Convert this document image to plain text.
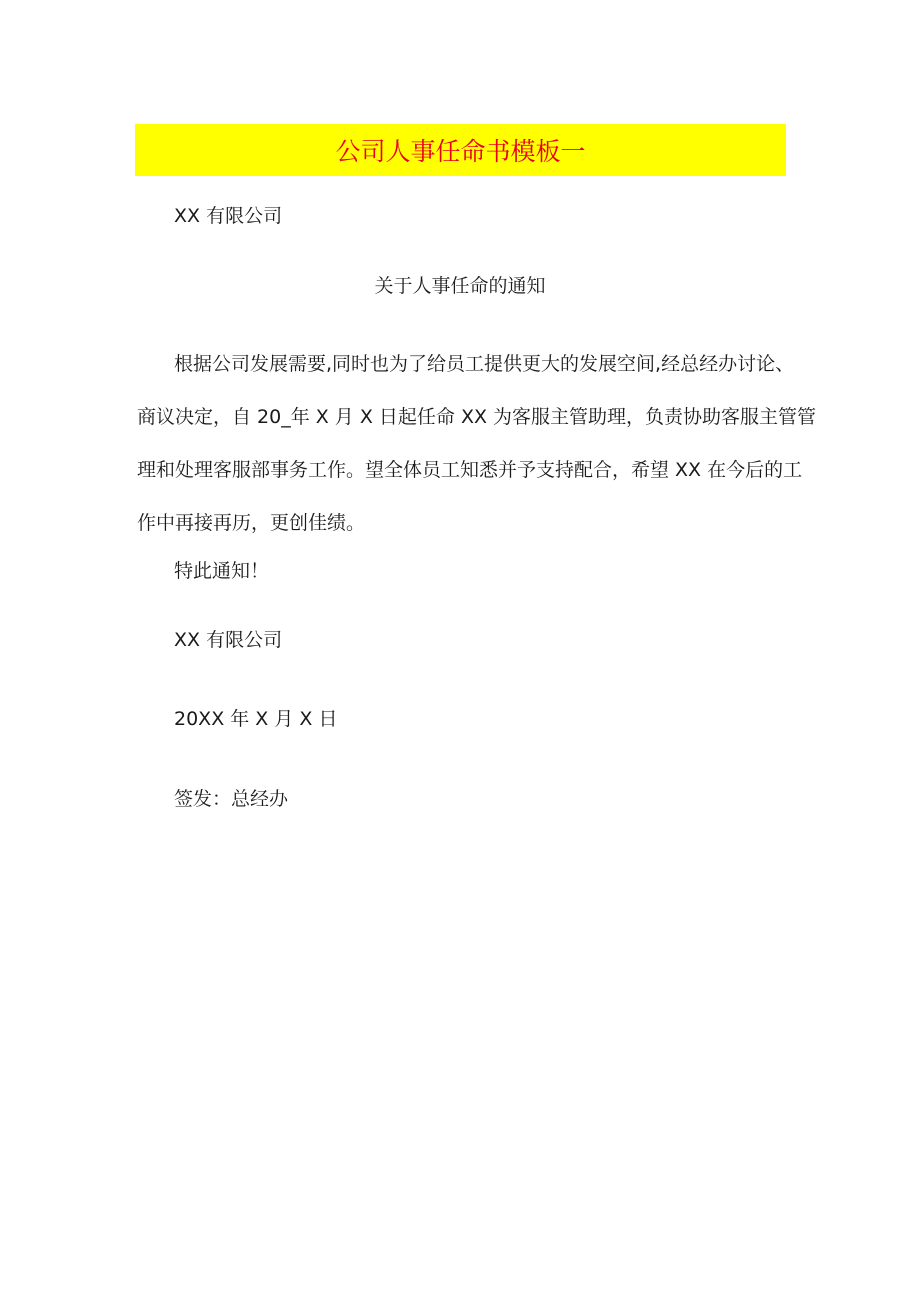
公司人事任命书模板一
XX 有限公司
关于人事任命的通知

根据公司发展需要,同时也为了给员工提供更大的发展空间,经总经办讨论、
商议决定，自 20_年 X 月 X 日起任命 XX 为客服主管助理，负责协助客服主管管
理和处理客服部事务工作。望全体员工知悉并予支持配合，希望 XX 在今后的工
作中再接再历，更创佳绩。

特此通知！
XX 有限公司
20XX 年 X 月 X 日
签发：总经办
